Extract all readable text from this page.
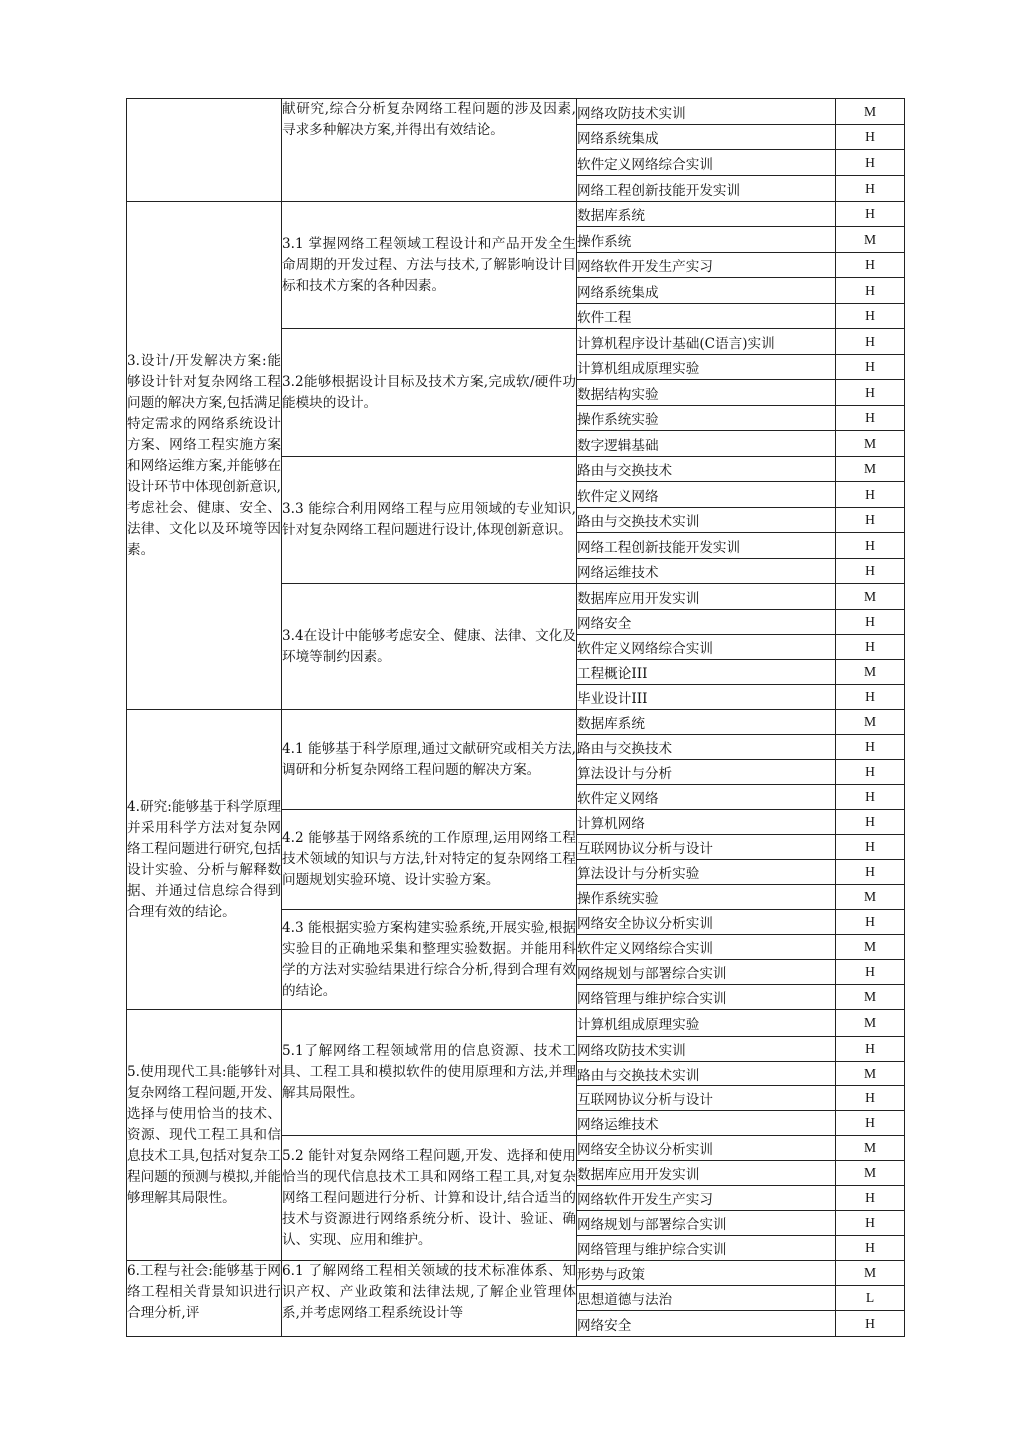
	献研究,综合分析复杂网络工程问题的涉及因素,寻求多种解决方案,并得出有效结论。	网络攻防技术实训	M
		网络系统集成	H
		软件定义网络综合实训	H
		网络工程创新技能开发实训	H
3.设计/开发解决方案:能够设计针对复杂网络工程问题的解决方案,包括满足特定需求的网络系统设计方案、网络工程实施方案和网络运维方案,并能够在设计环节中体现创新意识,考虑社会、健康、安全、法律、文化以及环境等因素。	3.1 掌握网络工程领域工程设计和产品开发全生命周期的开发过程、方法与技术,了解影响设计目标和技术方案的各种因素。	数据库系统	H
		操作系统	M
		网络软件开发生产实习	H
		网络系统集成	H
		软件工程	H
	3.2能够根据设计目标及技术方案,完成软/硬件功能模块的设计。	计算机程序设计基础(C语言)实训	H
		计算机组成原理实验	H
		数据结构实验	H
		操作系统实验	H
		数字逻辑基础	M
	3.3 能综合利用网络工程与应用领域的专业知识,针对复杂网络工程问题进行设计,体现创新意识。	路由与交换技术	M
		软件定义网络	H
		路由与交换技术实训	H
		网络工程创新技能开发实训	H
		网络运维技术	H
	3.4在设计中能够考虑安全、健康、法律、文化及环境等制约因素。	数据库应用开发实训	M
		网络安全	H
		软件定义网络综合实训	H
		工程概论III	M
		毕业设计III	H
4.研究:能够基于科学原理并采用科学方法对复杂网络工程问题进行研究,包括设计实验、分析与解释数据、并通过信息综合得到合理有效的结论。	4.1 能够基于科学原理,通过文献研究或相关方法,调研和分析复杂网络工程问题的解决方案。	数据库系统	M
		路由与交换技术	H
		算法设计与分析	H
		软件定义网络	H
	4.2 能够基于网络系统的工作原理,运用网络工程技术领域的知识与方法,针对特定的复杂网络工程问题规划实验环境、设计实验方案。	计算机网络	H
		互联网协议分析与设计	H
		算法设计与分析实验	H
		操作系统实验	M
	4.3 能根据实验方案构建实验系统,开展实验,根据实验目的正确地采集和整理实验数据。并能用科学的方法对实验结果进行综合分析,得到合理有效的结论。	网络安全协议分析实训	H
		软件定义网络综合实训	M
		网络规划与部署综合实训	H
		网络管理与维护综合实训	M
5.使用现代工具:能够针对复杂网络工程问题,开发、选择与使用恰当的技术、资源、现代工程工具和信息技术工具,包括对复杂工程问题的预测与模拟,并能够理解其局限性。	5.1了解网络工程领域常用的信息资源、技术工具、工程工具和模拟软件的使用原理和方法,并理解其局限性。	计算机组成原理实验	M
		网络攻防技术实训	H
		路由与交换技术实训	M
		互联网协议分析与设计	H
		网络运维技术	H
	5.2 能针对复杂网络工程问题,开发、选择和使用恰当的现代信息技术工具和网络工程工具,对复杂网络工程问题进行分析、计算和设计,结合适当的技术与资源进行网络系统分析、设计、验证、确认、实现、应用和维护。	网络安全协议分析实训	M
		数据库应用开发实训	M
		网络软件开发生产实习	H
		网络规划与部署综合实训	H
		网络管理与维护综合实训	H
6.工程与社会:能够基于网络工程相关背景知识进行合理分析,评	6.1 了解网络工程相关领域的技术标准体系、知识产权、产业政策和法律法规,了解企业管理体系,并考虑网络工程系统设计等	形势与政策	M
		思想道德与法治	L
		网络安全	H
